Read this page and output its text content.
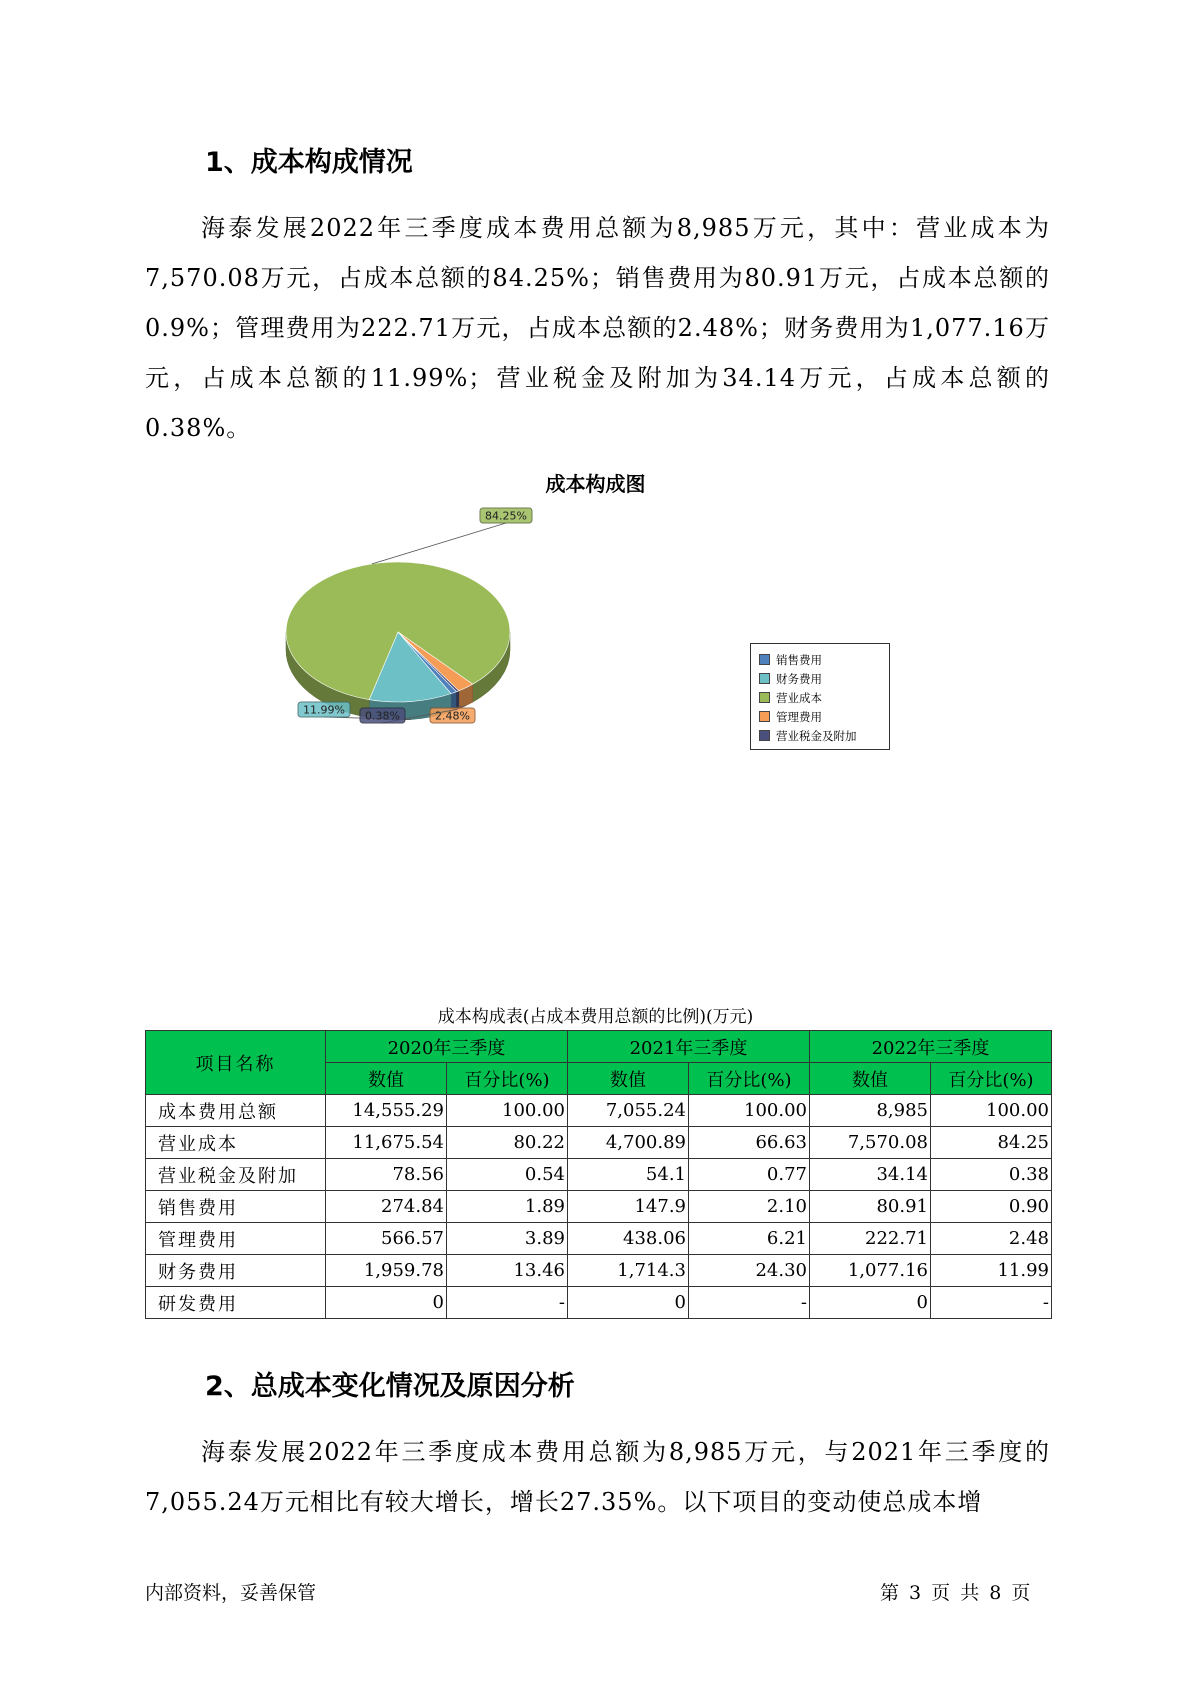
1、成本构成情况

海泰发展2022年三季度成本费用总额为8,985万元，其中：营业成本为7,570.08万元，占成本总额的84.25%；销售费用为80.91万元，占成本总额的0.9%；管理费用为222.71万元，占成本总额的2.48%；财务费用为1,077.16万元，占成本总额的11.99%；营业税金及附加为34.14万元，占成本总额的0.38%。

成本构成图
11.99%
84.25%
2.48%
0.38%
销售费用
财务费用
营业成本
管理费用
营业税金及附加
成本构成表(占成本费用总额的比例)(万元)
项目名称	2020年三季度		2021年三季度		2022年三季度	
	数值	百分比(%)	数值	百分比(%)	数值	百分比(%)
成本费用总额	14,555.29	100.00	7,055.24	100.00	8,985	100.00
营业成本	11,675.54	80.22	4,700.89	66.63	7,570.08	84.25
营业税金及附加	78.56	0.54	54.1	0.77	34.14	0.38
销售费用	274.84	1.89	147.9	2.10	80.91	0.90
管理费用	566.57	3.89	438.06	6.21	222.71	2.48
财务费用	1,959.78	13.46	1,714.3	24.30	1,077.16	11.99
研发费用	0	-	0	-	0	-
2、总成本变化情况及原因分析

海泰发展2022年三季度成本费用总额为8,985万元，与2021年三季度的7,055.24万元相比有较大增长，增长27.35%。以下项目的变动使总成本增

内部资料，妥善保管	第 3 页 共 8 页
